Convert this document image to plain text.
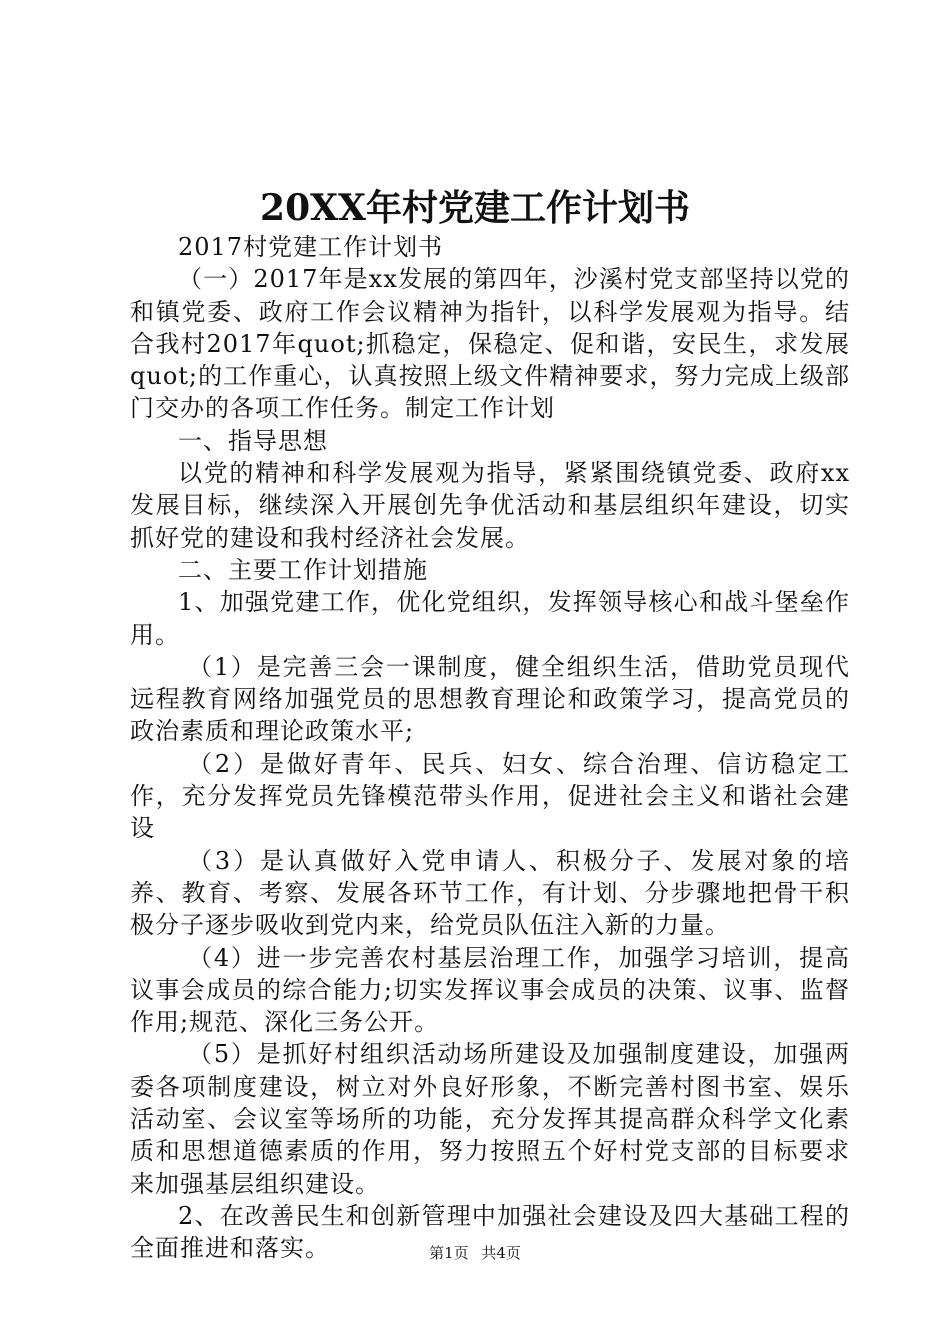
20XX年村党建工作计划书

2017村党建工作计划书

（一）2017年是xx发展的第四年，沙溪村党支部坚持以党的和镇党委、政府工作会议精神为指针，以科学发展观为指导。结合我村2017年quot;抓稳定，保稳定、促和谐，安民生，求发展quot;的工作重心，认真按照上级文件精神要求，努力完成上级部门交办的各项工作任务。制定工作计划

一、指导思想

以党的精神和科学发展观为指导，紧紧围绕镇党委、政府xx发展目标，继续深入开展创先争优活动和基层组织年建设，切实抓好党的建设和我村经济社会发展。

二、主要工作计划措施

1、加强党建工作，优化党组织，发挥领导核心和战斗堡垒作用。

（1）是完善三会一课制度，健全组织生活，借助党员现代远程教育网络加强党员的思想教育理论和政策学习，提高党员的政治素质和理论政策水平;

（2）是做好青年、民兵、妇女、综合治理、信访稳定工作，充分发挥党员先锋模范带头作用，促进社会主义和谐社会建设

（3）是认真做好入党申请人、积极分子、发展对象的培养、教育、考察、发展各环节工作，有计划、分步骤地把骨干积极分子逐步吸收到党内来，给党员队伍注入新的力量。

（4）进一步完善农村基层治理工作，加强学习培训，提高议事会成员的综合能力;切实发挥议事会成员的决策、议事、监督作用;规范、深化三务公开。

（5）是抓好村组织活动场所建设及加强制度建设，加强两委各项制度建设，树立对外良好形象，不断完善村图书室、娱乐活动室、会议室等场所的功能，充分发挥其提高群众科学文化素质和思想道德素质的作用，努力按照五个好村党支部的目标要求来加强基层组织建设。

2、在改善民生和创新管理中加强社会建设及四大基础工程的全面推进和落实。	第1页 共4页
